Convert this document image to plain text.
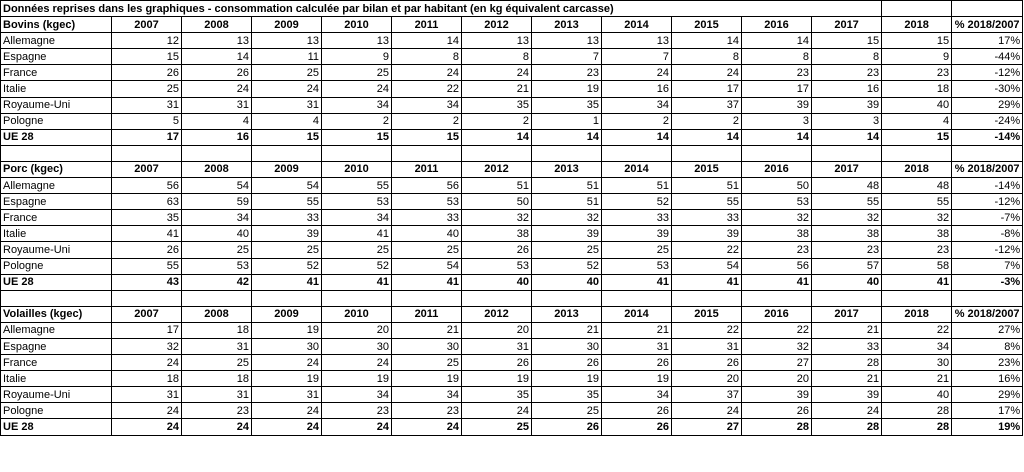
Données reprises dans les graphiques - consommation calculée par bilan et par habitant (en kg équivalent carcasse)													
Bovins (kgec)	2007	2008	2009	2010	2011	2012	2013	2014	2015	2016	2017	2018	% 2018/2007
Allemagne	12	13	13	13	14	13	13	13	14	14	15	15	17%
Espagne	15	14	11	9	8	8	7	7	8	8	8	9	-44%
France	26	26	25	25	24	24	23	24	24	23	23	23	-12%
Italie	25	24	24	24	22	21	19	16	17	17	16	18	-30%
Royaume-Uni	31	31	31	34	34	35	35	34	37	39	39	40	29%
Pologne	5	4	4	2	2	2	1	2	2	3	3	4	-24%
UE 28	17	16	15	15	15	14	14	14	14	14	14	15	-14%

Porc (kgec)	2007	2008	2009	2010	2011	2012	2013	2014	2015	2016	2017	2018	% 2018/2007
Allemagne	56	54	54	55	56	51	51	51	51	50	48	48	-14%
Espagne	63	59	55	53	53	50	51	52	55	53	55	55	-12%
France	35	34	33	34	33	32	32	33	33	32	32	32	-7%
Italie	41	40	39	41	40	38	39	39	39	38	38	38	-8%
Royaume-Uni	26	25	25	25	25	26	25	25	22	23	23	23	-12%
Pologne	55	53	52	52	54	53	52	53	54	56	57	58	7%
UE 28	43	42	41	41	41	40	40	41	41	41	40	41	-3%

Volailles (kgec)	2007	2008	2009	2010	2011	2012	2013	2014	2015	2016	2017	2018	% 2018/2007
Allemagne	17	18	19	20	21	20	21	21	22	22	21	22	27%
Espagne	32	31	30	30	30	31	30	31	31	32	33	34	8%
France	24	25	24	24	25	26	26	26	26	27	28	30	23%
Italie	18	18	19	19	19	19	19	19	20	20	21	21	16%
Royaume-Uni	31	31	31	34	34	35	35	34	37	39	39	40	29%
Pologne	24	23	24	23	23	24	25	26	24	26	24	28	17%
UE 28	24	24	24	24	24	25	26	26	27	28	28	28	19%
